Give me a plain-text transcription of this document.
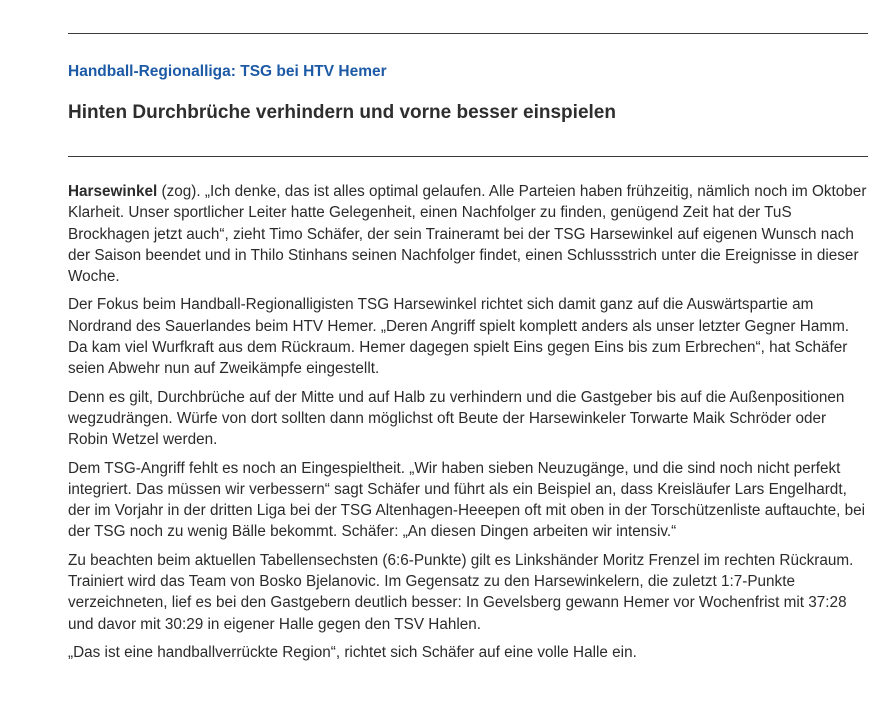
Handball-Regionalliga: TSG bei HTV Hemer
Hinten Durchbrüche verhindern und vorne besser einspielen

Harsewinkel (zog). „Ich denke, das ist alles optimal gelaufen. Alle Parteien haben frühzeitig, nämlich noch im Oktober Klarheit. Unser sportlicher Leiter hatte Gelegenheit, einen Nachfolger zu finden, genügend Zeit hat der TuS Brockhagen jetzt auch“, zieht Timo Schäfer, der sein Traineramt bei der TSG Harsewinkel auf eigenen Wunsch nach der Saison beendet und in Thilo Stinhans seinen Nachfolger findet, einen Schlussstrich unter die Ereignisse in dieser Woche.

Der Fokus beim Handball-Regionalligisten TSG Harsewinkel richtet sich damit ganz auf die Auswärtspartie am Nordrand des Sauerlandes beim HTV Hemer. „Deren Angriff spielt komplett anders als unser letzter Gegner Hamm. Da kam viel Wurfkraft aus dem Rückraum. Hemer dagegen spielt Eins gegen Eins bis zum Erbrechen“, hat Schäfer seien Abwehr nun auf Zweikämpfe eingestellt.

Denn es gilt, Durchbrüche auf der Mitte und auf Halb zu verhindern und die Gastgeber bis auf die Außenpositionen wegzudrängen. Würfe von dort sollten dann möglichst oft Beute der Harsewinkeler Torwarte Maik Schröder oder Robin Wetzel werden.

Dem TSG-Angriff fehlt es noch an Eingespieltheit. „Wir haben sieben Neuzugänge, und die sind noch nicht perfekt integriert. Das müssen wir verbessern“ sagt Schäfer und führt als ein Beispiel an, dass Kreisläufer Lars Engelhardt, der im Vorjahr in der dritten Liga bei der TSG Altenhagen-Heeepen oft mit oben in der Torschützenliste auftauchte, bei der TSG noch zu wenig Bälle bekommt. Schäfer: „An diesen Dingen arbeiten wir intensiv.“

Zu beachten beim aktuellen Tabellensechsten (6:6-Punkte) gilt es Linkshänder Moritz Frenzel im rechten Rückraum. Trainiert wird das Team von Bosko Bjelanovic. Im Gegensatz zu den Harsewinkelern, die zuletzt 1:7-Punkte verzeichneten, lief es bei den Gastgebern deutlich besser: In Gevelsberg gewann Hemer vor Wochenfrist mit 37:28 und davor mit 30:29 in eigener Halle gegen den TSV Hahlen.

„Das ist eine handballverrückte Region“, richtet sich Schäfer auf eine volle Halle ein.
